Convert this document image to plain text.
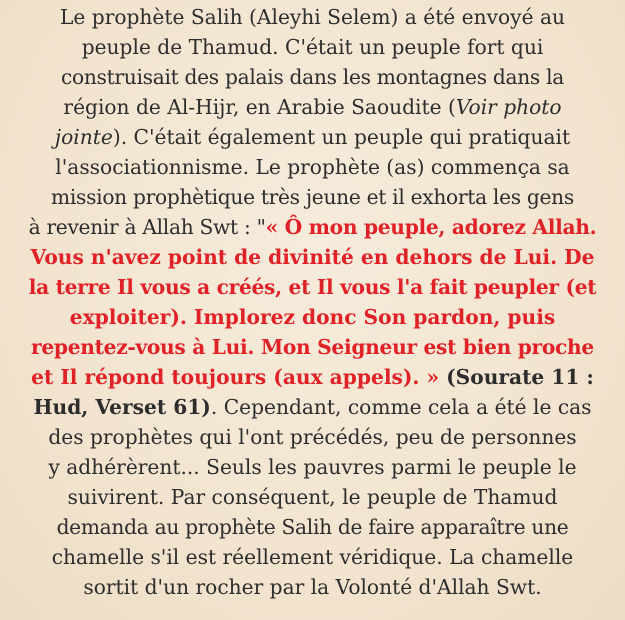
Le prophète Salih (Aleyhi Selem) a été envoyé au
peuple de Thamud. C'était un peuple fort qui
construisait des palais dans les montagnes dans la
région de Al-Hijr, en Arabie Saoudite (Voir photo
jointe). C'était également un peuple qui pratiquait
l'associationnisme. Le prophète (as) commença sa
mission prophètique très jeune et il exhorta les gens
à revenir à Allah Swt : "« Ô mon peuple, adorez Allah.
Vous n'avez point de divinité en dehors de Lui. De
la terre Il vous a créés, et Il vous l'a fait peupler (et
exploiter). Implorez donc Son pardon, puis
repentez-vous à Lui. Mon Seigneur est bien proche
et Il répond toujours (aux appels). » (Sourate 11 :
Hud, Verset 61). Cependant, comme cela a été le cas
des prophètes qui l'ont précédés, peu de personnes
y adhérèrent... Seuls les pauvres parmi le peuple le
suivirent. Par conséquent, le peuple de Thamud
demanda au prophète Salih de faire apparaître une
chamelle s'il est réellement véridique. La chamelle
sortit d'un rocher par la Volonté d'Allah Swt.
